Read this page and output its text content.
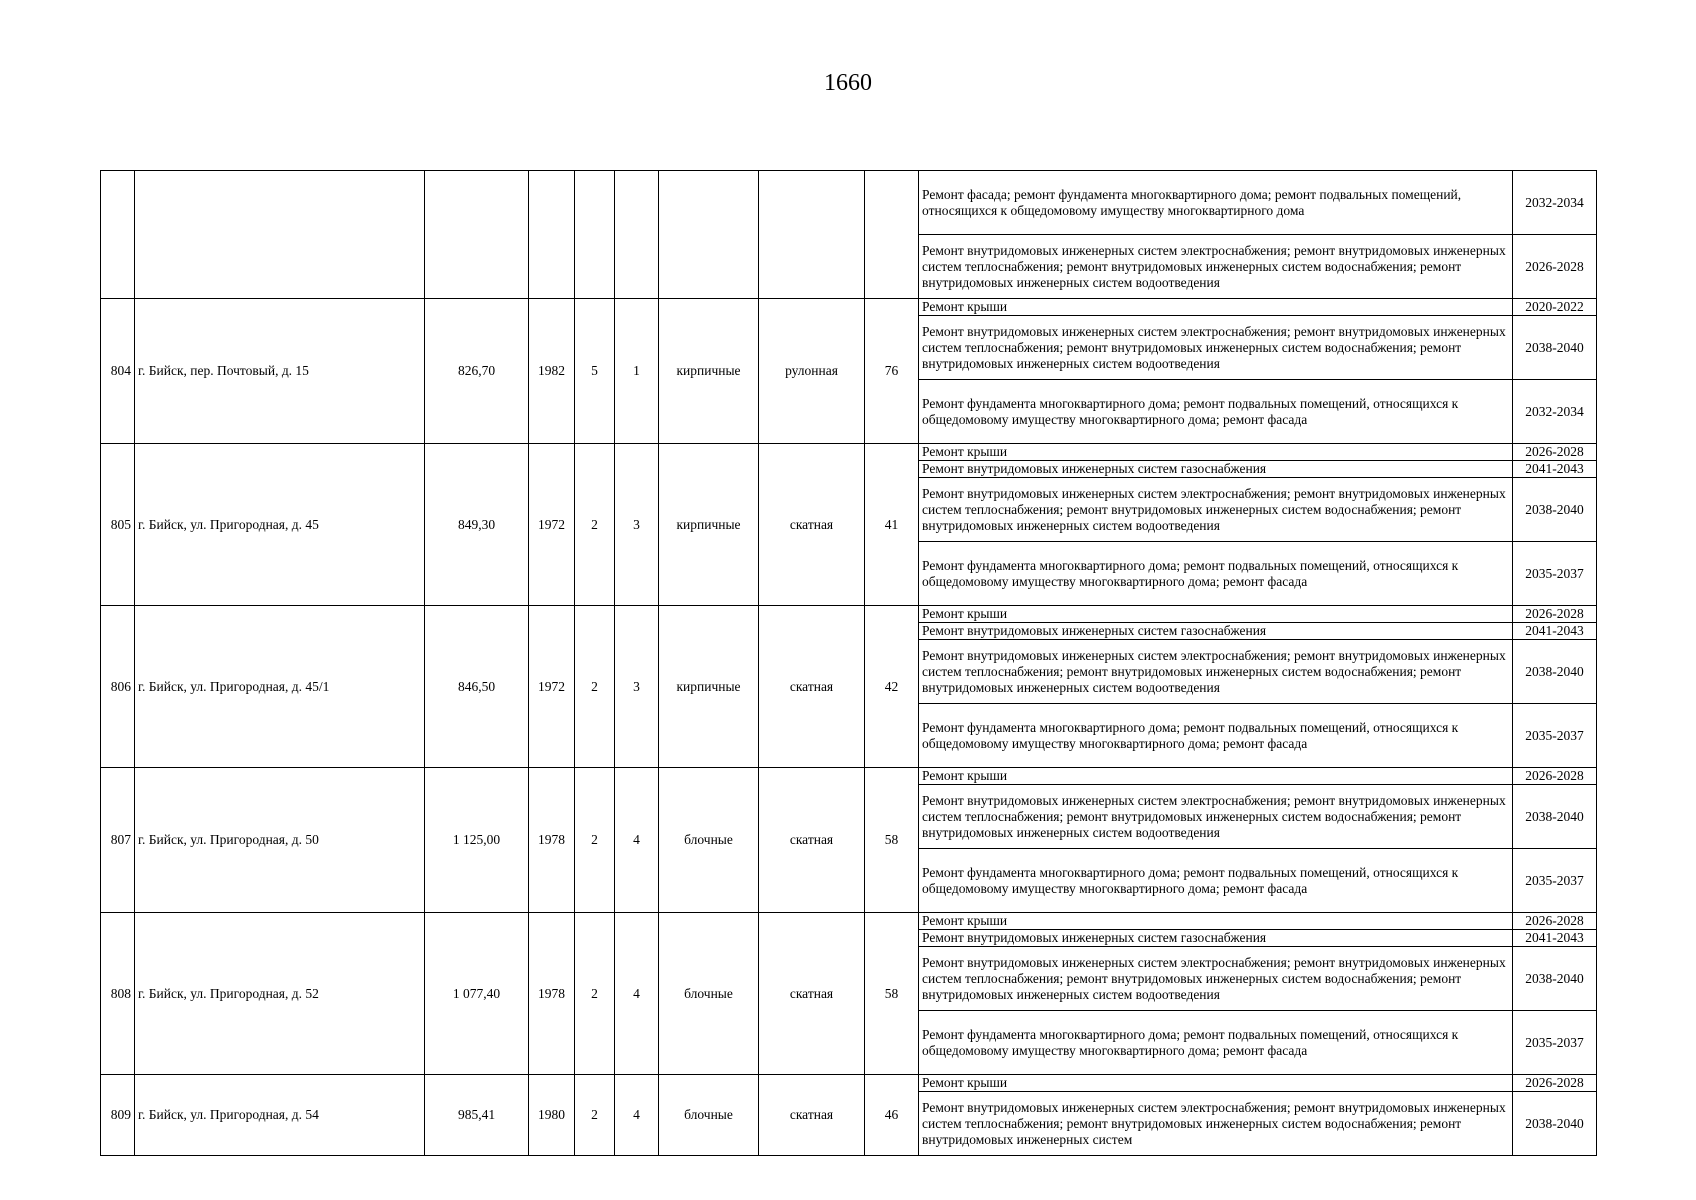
1660
									Ремонт фасада; ремонт фундамента многоквартирного дома; ремонт подвальных помещений, относящихся к общедомовому имуществу многоквартирного дома	2032-2034
									Ремонт внутридомовых инженерных систем электроснабжения; ремонт внутридомовых инженерных систем теплоснабжения; ремонт внутридомовых инженерных систем водоснабжения; ремонт внутридомовых инженерных систем водоотведения	2026-2028
804	г. Бийск, пер. Почтовый, д. 15	826,70	1982	5	1	кирпичные	рулонная	76	Ремонт крыши	2020-2022
									Ремонт внутридомовых инженерных систем электроснабжения; ремонт внутридомовых инженерных систем теплоснабжения; ремонт внутридомовых инженерных систем водоснабжения; ремонт внутридомовых инженерных систем водоотведения	2038-2040
									Ремонт фундамента многоквартирного дома; ремонт подвальных помещений, относящихся к общедомовому имуществу многоквартирного дома; ремонт фасада	2032-2034
805	г. Бийск, ул. Пригородная, д. 45	849,30	1972	2	3	кирпичные	скатная	41	Ремонт крыши	2026-2028
									Ремонт внутридомовых инженерных систем газоснабжения	2041-2043
									Ремонт внутридомовых инженерных систем электроснабжения; ремонт внутридомовых инженерных систем теплоснабжения; ремонт внутридомовых инженерных систем водоснабжения; ремонт внутридомовых инженерных систем водоотведения	2038-2040
									Ремонт фундамента многоквартирного дома; ремонт подвальных помещений, относящихся к общедомовому имуществу многоквартирного дома; ремонт фасада	2035-2037
806	г. Бийск, ул. Пригородная, д. 45/1	846,50	1972	2	3	кирпичные	скатная	42	Ремонт крыши	2026-2028
									Ремонт внутридомовых инженерных систем газоснабжения	2041-2043
									Ремонт внутридомовых инженерных систем электроснабжения; ремонт внутридомовых инженерных систем теплоснабжения; ремонт внутридомовых инженерных систем водоснабжения; ремонт внутридомовых инженерных систем водоотведения	2038-2040
									Ремонт фундамента многоквартирного дома; ремонт подвальных помещений, относящихся к общедомовому имуществу многоквартирного дома; ремонт фасада	2035-2037
807	г. Бийск, ул. Пригородная, д. 50	1 125,00	1978	2	4	блочные	скатная	58	Ремонт крыши	2026-2028
									Ремонт внутридомовых инженерных систем электроснабжения; ремонт внутридомовых инженерных систем теплоснабжения; ремонт внутридомовых инженерных систем водоснабжения; ремонт внутридомовых инженерных систем водоотведения	2038-2040
									Ремонт фундамента многоквартирного дома; ремонт подвальных помещений, относящихся к общедомовому имуществу многоквартирного дома; ремонт фасада	2035-2037
808	г. Бийск, ул. Пригородная, д. 52	1 077,40	1978	2	4	блочные	скатная	58	Ремонт крыши	2026-2028
									Ремонт внутридомовых инженерных систем газоснабжения	2041-2043
									Ремонт внутридомовых инженерных систем электроснабжения; ремонт внутридомовых инженерных систем теплоснабжения; ремонт внутридомовых инженерных систем водоснабжения; ремонт внутридомовых инженерных систем водоотведения	2038-2040
									Ремонт фундамента многоквартирного дома; ремонт подвальных помещений, относящихся к общедомовому имуществу многоквартирного дома; ремонт фасада	2035-2037
809	г. Бийск, ул. Пригородная, д. 54	985,41	1980	2	4	блочные	скатная	46	Ремонт крыши	2026-2028
									Ремонт внутридомовых инженерных систем электроснабжения; ремонт внутридомовых инженерных систем теплоснабжения; ремонт внутридомовых инженерных систем водоснабжения; ремонт внутридомовых инженерных систем	2038-2040
